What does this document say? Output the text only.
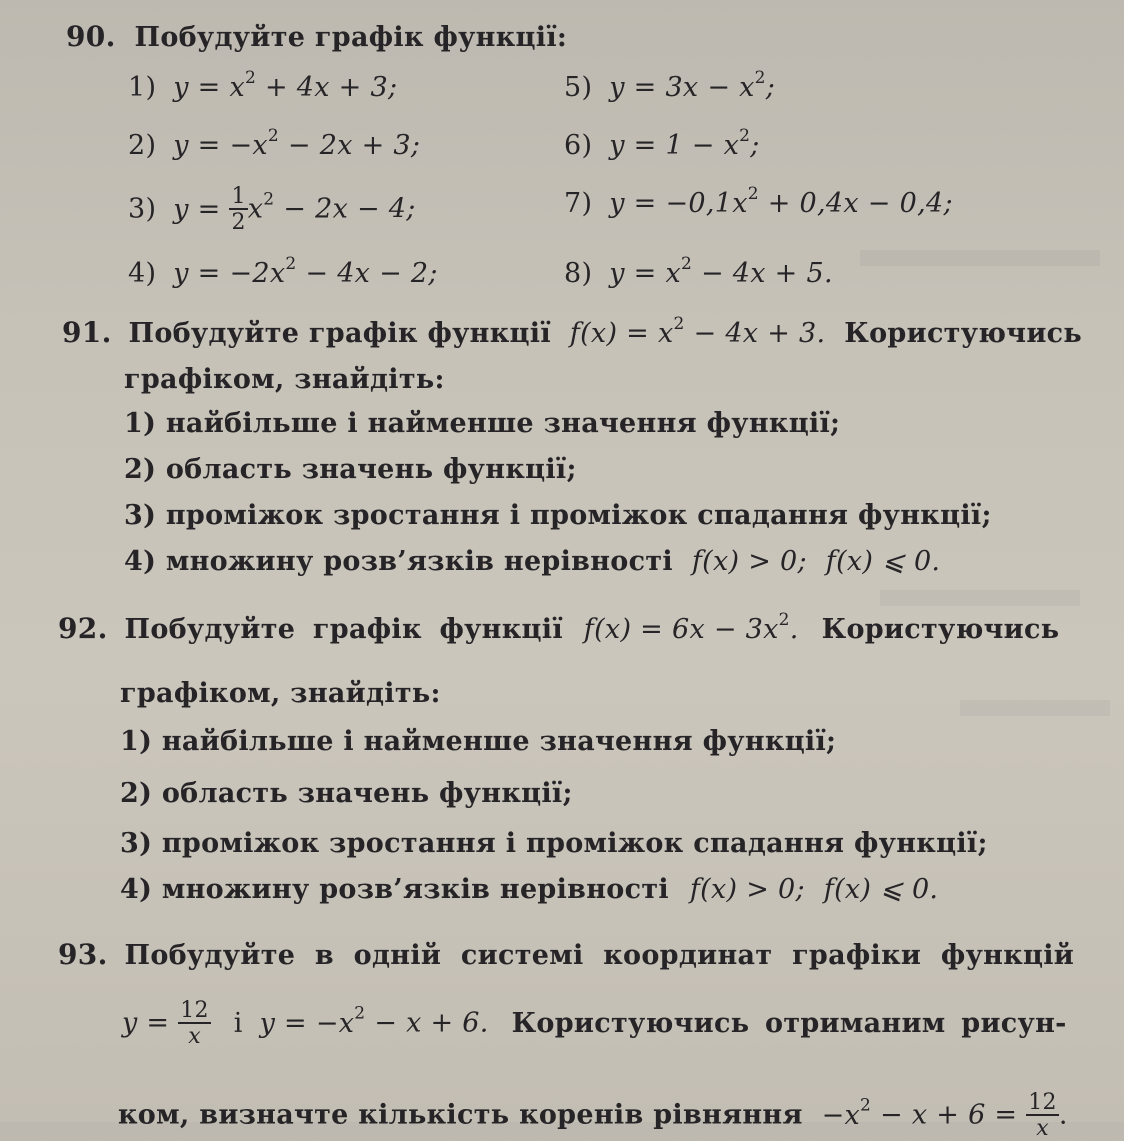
90. Побудуйте графік функції:
1) $y = x^2 + 4x + 3$;
2) $y = -x^2 - 2x + 3$;
3) $y = \frac{1}{2} x^2 - 2x - 4$;
4) $y = -2x^2 - 4x - 2$;
5) $y = 3x - x^2$;
6) $y = 1 - x^2$;
7) $y = -0,1x^2 + 0,4x - 0,4$;
8) $y = x^2 - 4x + 5$.
91. Побудуйте графік функції $f(x) = x^2 - 4x + 3$. Користуючись
графіком, знайдіть:
1) найбільше і найменше значення функції;
2) область значень функції;
3) проміжок зростання і проміжок спадання функції;
4) множину розв’язків нерівності f(x) > 0; f(x) ⩽ 0.
92. Побудуйте графік функції $f(x) = 6x - 3x^2$. Користуючись
графіком, знайдіть:
1) найбільше і найменше значення функції;
2) область значень функції;
3) проміжок зростання і проміжок спадання функції;
4) множину розв’язків нерівності f(x) > 0; f(x) ⩽ 0.
93. Побудуйте в одній системі координат графіки функцій
$y = \frac{12}{x}$ і $y = -x^2 - x + 6$. Користуючись отриманим рисун-
ком, визначте кількість коренів рівняння $-x^2 - x + 6 = \frac{12}{x}$ .
